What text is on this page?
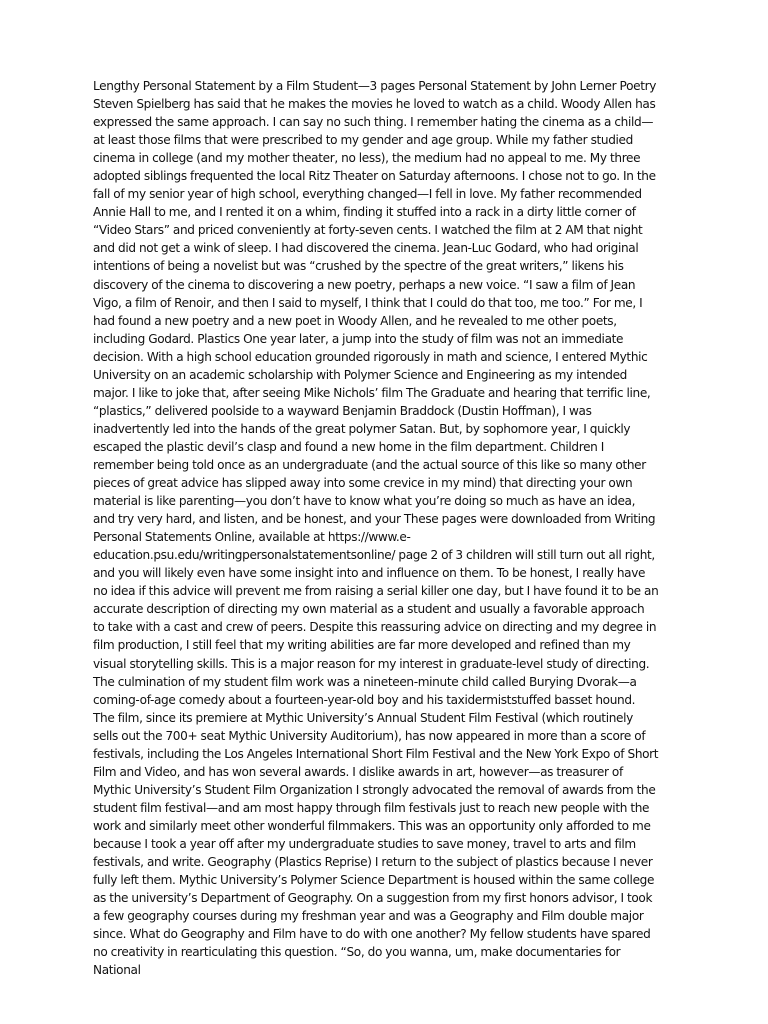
Lengthy Personal Statement by a Film Student—3 pages Personal Statement by John Lerner Poetry Steven Spielberg has said that he makes the movies he loved to watch as a child. Woody Allen has expressed the same approach. I can say no such thing. I remember hating the cinema as a child—at least those films that were prescribed to my gender and age group. While my father studied cinema in college (and my mother theater, no less), the medium had no appeal to me. My three adopted siblings frequented the local Ritz Theater on Saturday afternoons. I chose not to go. In the fall of my senior year of high school, everything changed—I fell in love. My father recommended Annie Hall to me, and I rented it on a whim, finding it stuffed into a rack in a dirty little corner of “Video Stars” and priced conveniently at forty-seven cents. I watched the film at 2 AM that night and did not get a wink of sleep. I had discovered the cinema. Jean-Luc Godard, who had original intentions of being a novelist but was “crushed by the spectre of the great writers,” likens his discovery of the cinema to discovering a new poetry, perhaps a new voice. “I saw a film of Jean Vigo, a film of Renoir, and then I said to myself, I think that I could do that too, me too.” For me, I had found a new poetry and a new poet in Woody Allen, and he revealed to me other poets, including Godard. Plastics One year later, a jump into the study of film was not an immediate decision. With a high school education grounded rigorously in math and science, I entered Mythic University on an academic scholarship with Polymer Science and Engineering as my intended major. I like to joke that, after seeing Mike Nichols’ film The Graduate and hearing that terrific line, “plastics,” delivered poolside to a wayward Benjamin Braddock (Dustin Hoffman), I was inadvertently led into the hands of the great polymer Satan. But, by sophomore year, I quickly escaped the plastic devil’s clasp and found a new home in the film department. Children I remember being told once as an undergraduate (and the actual source of this like so many other pieces of great advice has slipped away into some crevice in my mind) that directing your own material is like parenting—you don’t have to know what you’re doing so much as have an idea, and try very hard, and listen, and be honest, and your These pages were downloaded from Writing Personal Statements Online, available at https://www.e-education.psu.edu/writingpersonalstatementsonline/ page 2 of 3 children will still turn out all right, and you will likely even have some insight into and influence on them. To be honest, I really have no idea if this advice will prevent me from raising a serial killer one day, but I have found it to be an accurate description of directing my own material as a student and usually a favorable approach to take with a cast and crew of peers. Despite this reassuring advice on directing and my degree in film production, I still feel that my writing abilities are far more developed and refined than my visual storytelling skills. This is a major reason for my interest in graduate-level study of directing. The culmination of my student film work was a nineteen-minute child called Burying Dvorak—a coming-of-age comedy about a fourteen-year-old boy and his taxidermiststuffed basset hound. The film, since its premiere at Mythic University’s Annual Student Film Festival (which routinely sells out the 700+ seat Mythic University Auditorium), has now appeared in more than a score of festivals, including the Los Angeles International Short Film Festival and the New York Expo of Short Film and Video, and has won several awards. I dislike awards in art, however—as treasurer of Mythic University’s Student Film Organization I strongly advocated the removal of awards from the student film festival—and am most happy through film festivals just to reach new people with the work and similarly meet other wonderful filmmakers. This was an opportunity only afforded to me because I took a year off after my undergraduate studies to save money, travel to arts and film festivals, and write. Geography (Plastics Reprise) I return to the subject of plastics because I never fully left them. Mythic University’s Polymer Science Department is housed within the same college as the university’s Department of Geography. On a suggestion from my first honors advisor, I took a few geography courses during my freshman year and was a Geography and Film double major since. What do Geography and Film have to do with one another? My fellow students have spared no creativity in rearticulating this question. “So, do you wanna, um, make documentaries for National
